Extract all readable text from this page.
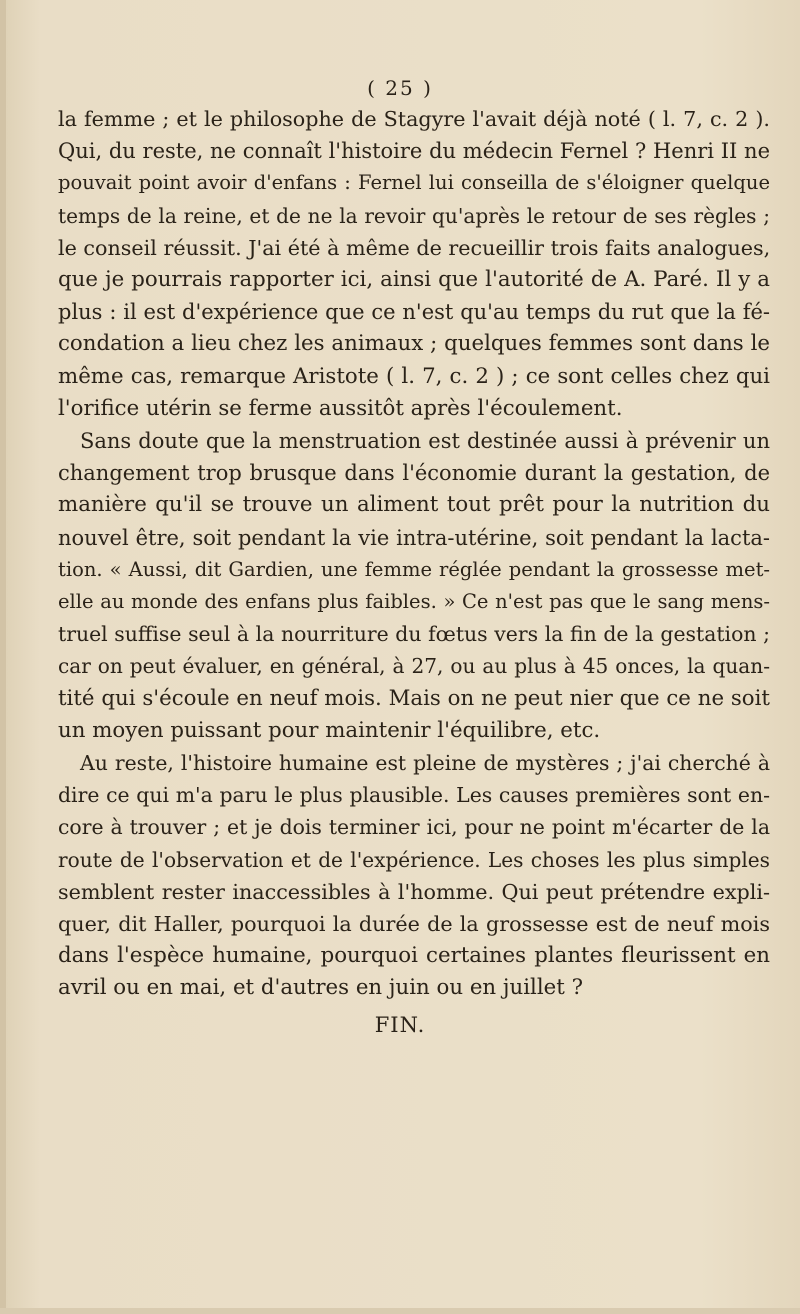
( 25 )
la femme ; et le philosophe de Stagyre l'avait déjà noté ( l. 7, c. 2 ).
Qui, du reste, ne connaît l'histoire du médecin Fernel ? Henri II ne
pouvait point avoir d'enfans : Fernel lui conseilla de s'éloigner quelque
temps de la reine, et de ne la revoir qu'après le retour de ses règles ;
le conseil réussit. J'ai été à même de recueillir trois faits analogues,
que je pourrais rapporter ici, ainsi que l'autorité de A. Paré. Il y a
plus : il est d'expérience que ce n'est qu'au temps du rut que la fé-
condation a lieu chez les animaux ; quelques femmes sont dans le
même cas, remarque Aristote ( l. 7, c. 2 ) ; ce sont celles chez qui
l'orifice utérin se ferme aussitôt après l'écoulement.
Sans doute que la menstruation est destinée aussi à prévenir un
changement trop brusque dans l'économie durant la gestation, de
manière qu'il se trouve un aliment tout prêt pour la nutrition du
nouvel être, soit pendant la vie intra-utérine, soit pendant la lacta-
tion. « Aussi, dit Gardien, une femme réglée pendant la grossesse met-
elle au monde des enfans plus faibles. » Ce n'est pas que le sang mens-
truel suffise seul à la nourriture du fœtus vers la fin de la gestation ;
car on peut évaluer, en général, à 27, ou au plus à 45 onces, la quan-
tité qui s'écoule en neuf mois. Mais on ne peut nier que ce ne soit
un moyen puissant pour maintenir l'équilibre, etc.
Au reste, l'histoire humaine est pleine de mystères ; j'ai cherché à
dire ce qui m'a paru le plus plausible. Les causes premières sont en-
core à trouver ; et je dois terminer ici, pour ne point m'écarter de la
route de l'observation et de l'expérience. Les choses les plus simples
semblent rester inaccessibles à l'homme. Qui peut prétendre expli-
quer, dit Haller, pourquoi la durée de la grossesse est de neuf mois
dans l'espèce humaine, pourquoi certaines plantes fleurissent en
avril ou en mai, et d'autres en juin ou en juillet ?
FIN.
